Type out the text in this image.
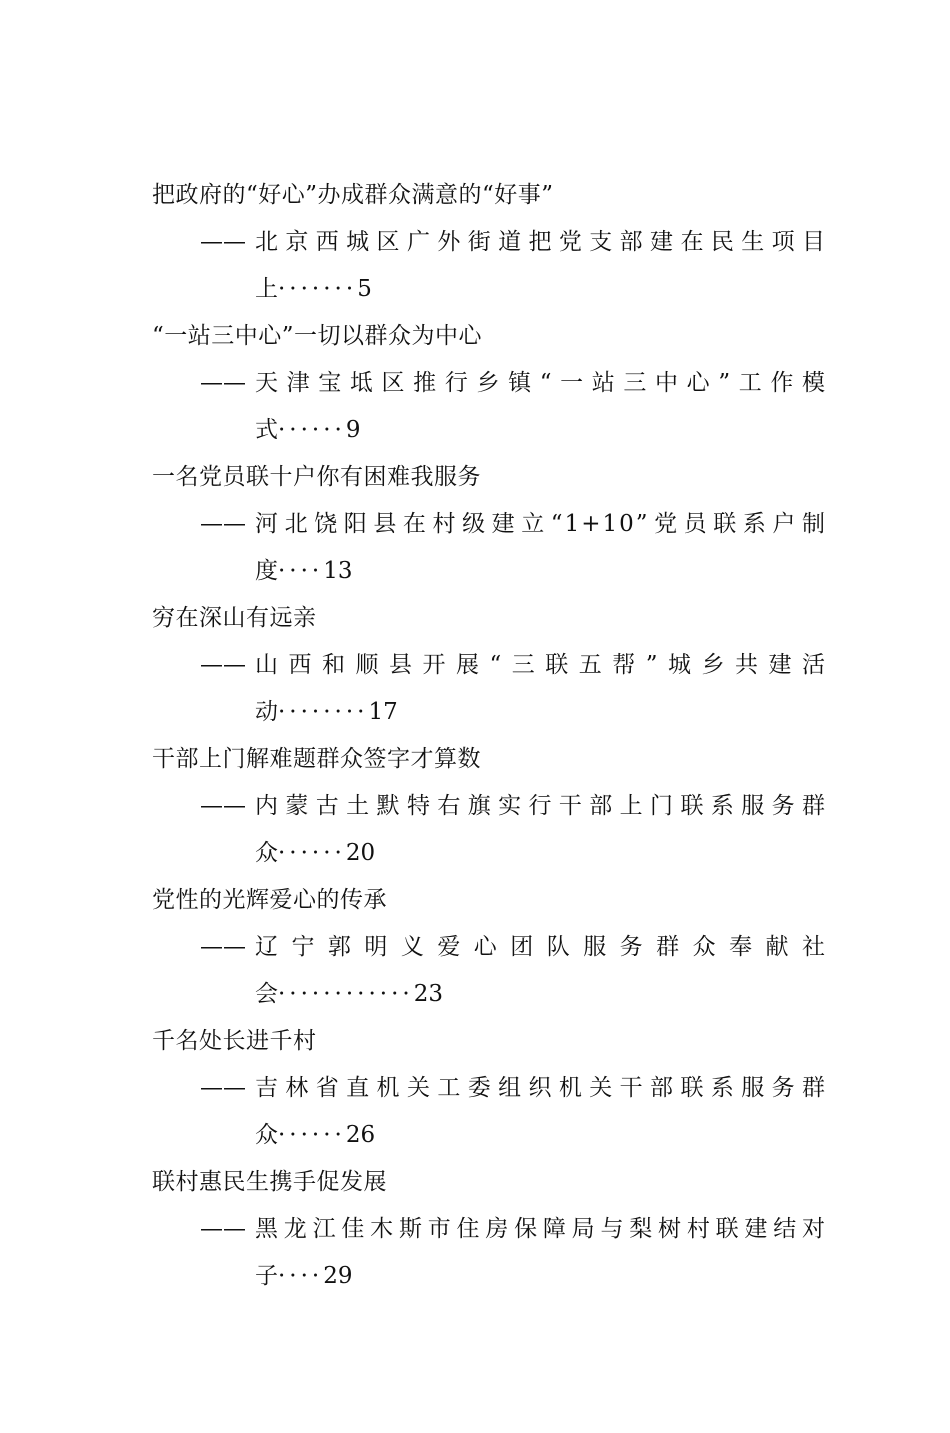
把政府的“好心”办成群众满意的“好事”
—— 北京西城区广外街道把党支部建在民生项目
上·······5
“一站三中心”一切以群众为中心
—— 天津宝坻区推行乡镇“一站三中心”工作模
式······9
一名党员联十户你有困难我服务
—— 河北饶阳县在村级建立“1+10”党员联系户制
度····13
穷在深山有远亲
—— 山西和顺县开展“三联五帮”城乡共建活
动········17
干部上门解难题群众签字才算数
—— 内蒙古土默特右旗实行干部上门联系服务群
众······20
党性的光辉爱心的传承
—— 辽宁郭明义爱心团队服务群众奉献社
会············23
千名处长进千村
—— 吉林省直机关工委组织机关干部联系服务群
众······26
联村惠民生携手促发展
—— 黑龙江佳木斯市住房保障局与梨树村联建结对
子····29
